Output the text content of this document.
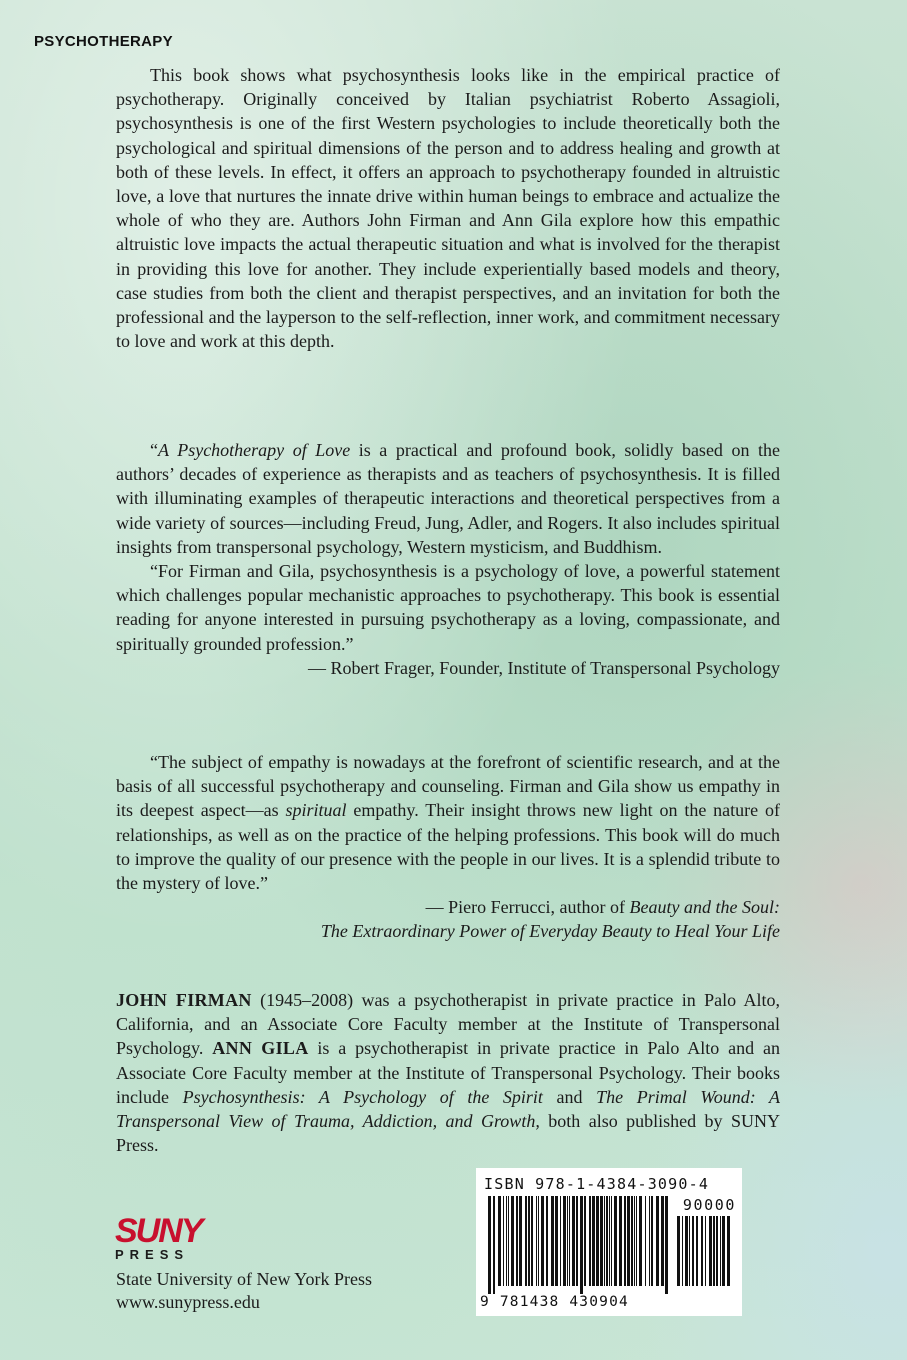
PSYCHOTHERAPY

This book shows what psychosynthesis looks like in the empirical practice of psychotherapy. Originally conceived by Italian psychiatrist Roberto Assagioli, psychosynthesis is one of the first Western psychologies to include theoretically both the psychological and spiritual dimensions of the person and to address healing and growth at both of these levels. In effect, it offers an approach to psychotherapy founded in altruistic love, a love that nurtures the innate drive within human beings to embrace and actualize the whole of who they are. Authors John Firman and Ann Gila explore how this empathic altruistic love impacts the actual therapeutic situation and what is involved for the therapist in providing this love for another. They include experientially based models and theory, case studies from both the client and therapist perspectives, and an invitation for both the professional and the layperson to the self-reflection, inner work, and commitment necessary to love and work at this depth.

“A Psychotherapy of Love is a practical and profound book, solidly based on the authors’ decades of experience as therapists and as teachers of psychosynthesis. It is filled with illuminating examples of therapeutic interactions and theoretical perspectives from a wide variety of sources—including Freud, Jung, Adler, and Rogers. It also includes spiritual insights from transpersonal psychology, Western mysticism, and Buddhism.

“For Firman and Gila, psychosynthesis is a psychology of love, a powerful statement which challenges popular mechanistic approaches to psychotherapy. This book is essential reading for anyone interested in pursuing psychotherapy as a loving, compassionate, and spiritually grounded profession.”

— Robert Frager, Founder, Institute of Transpersonal Psychology

“The subject of empathy is nowadays at the forefront of scientific research, and at the basis of all successful psychotherapy and counseling. Firman and Gila show us empathy in its deepest aspect—as spiritual empathy. Their insight throws new light on the nature of relationships, as well as on the practice of the helping professions. This book will do much to improve the quality of our presence with the people in our lives. It is a splendid tribute to the mystery of love.”

— Piero Ferrucci, author of Beauty and the Soul:

The Extraordinary Power of Everyday Beauty to Heal Your Life

JOHN FIRMAN (1945–2008) was a psychotherapist in private practice in Palo Alto, California, and an Associate Core Faculty member at the Institute of Transpersonal Psychology. ANN GILA is a psychotherapist in private practice in Palo Alto and an Associate Core Faculty member at the Institute of Transpersonal Psychology. Their books include Psychosynthesis: A Psychology of the Spirit and The Primal Wound: A Transpersonal View of Trauma, Addiction, and Growth, both also published by SUNY Press.

SUNY
PRESS
State University of New York Press
www.sunypress.edu
ISBN 978-1-4384-3090-4
90000
9 781438 430904
